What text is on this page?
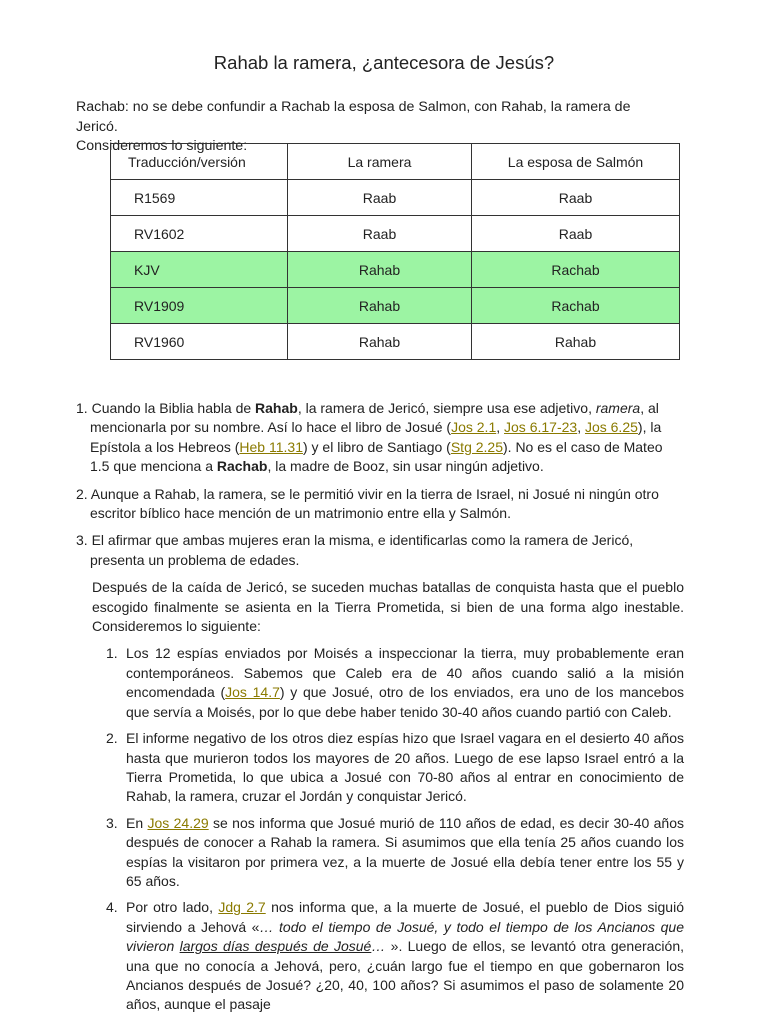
Rahab la ramera, ¿antecesora de Jesús?
Rachab: no se debe confundir a Rachab la esposa de Salmon, con Rahab, la ramera de Jericó.
Consideremos lo siguiente:
Traducción/versión	La ramera	La esposa de Salmón
R1569	Raab	Raab
RV1602	Raab	Raab
KJV	Rahab	Rachab
RV1909	Rahab	Rachab
RV1960	Rahab	Rahab
1. Cuando la Biblia habla de Rahab, la ramera de Jericó, siempre usa ese adjetivo, ramera, al mencionarla por su nombre. Así lo hace el libro de Josué (Jos 2.1, Jos 6.17-23, Jos 6.25), la Epístola a los Hebreos (Heb 11.31) y el libro de Santiago (Stg 2.25). No es el caso de Mateo 1.5 que menciona a Rachab, la madre de Booz, sin usar ningún adjetivo.
2. Aunque a Rahab, la ramera, se le permitió vivir en la tierra de Israel, ni Josué ni ningún otro escritor bíblico hace mención de un matrimonio entre ella y Salmón.
3. El afirmar que ambas mujeres eran la misma, e identificarlas como la ramera de Jericó, presenta un problema de edades.
Después de la caída de Jericó, se suceden muchas batallas de conquista hasta que el pueblo escogido finalmente se asienta en la Tierra Prometida, si bien de una forma algo inestable. Consideremos lo siguiente:
1. Los 12 espías enviados por Moisés a inspeccionar la tierra, muy probablemente eran contemporáneos. Sabemos que Caleb era de 40 años cuando salió a la misión encomendada (Jos 14.7) y que Josué, otro de los enviados, era uno de los mancebos que servía a Moisés, por lo que debe haber tenido 30-40 años cuando partió con Caleb.
2. El informe negativo de los otros diez espías hizo que Israel vagara en el desierto 40 años hasta que murieron todos los mayores de 20 años. Luego de ese lapso Israel entró a la Tierra Prometida, lo que ubica a Josué con 70-80 años al entrar en conocimiento de Rahab, la ramera, cruzar el Jordán y conquistar Jericó.
3. En Jos 24.29 se nos informa que Josué murió de 110 años de edad, es decir 30-40 años después de conocer a Rahab la ramera. Si asumimos que ella tenía 25 años cuando los espías la visitaron por primera vez, a la muerte de Josué ella debía tener entre los 55 y 65 años.
4. Por otro lado, Jdg 2.7 nos informa que, a la muerte de Josué, el pueblo de Dios siguió sirviendo a Jehová «… todo el tiempo de Josué, y todo el tiempo de los Ancianos que vivieron largos días después de Josué… ». Luego de ellos, se levantó otra generación, una que no conocía a Jehová, pero, ¿cuán largo fue el tiempo en que gobernaron los Ancianos después de Josué? ¿20, 40, 100 años? Si asumimos el paso de solamente 20 años, aunque el pasaje
